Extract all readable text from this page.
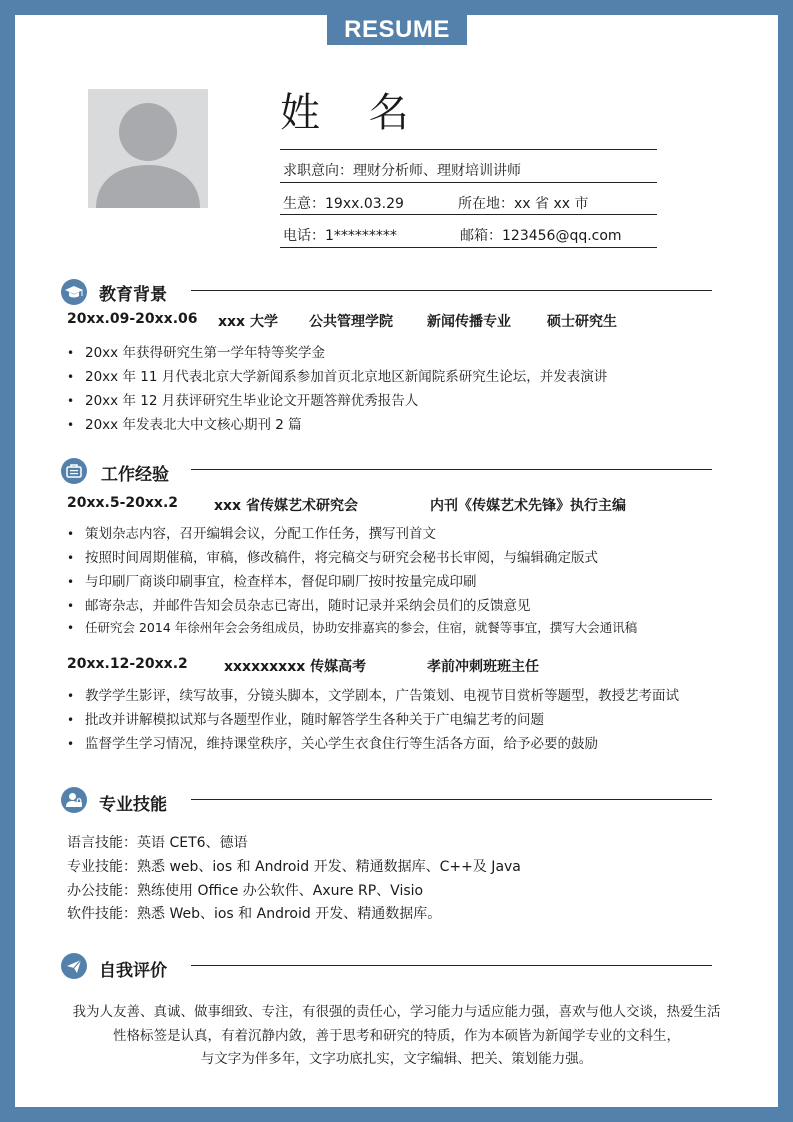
RESUME
姓 名
求职意向：理财分析师、理财培训讲师
生意：19xx.03.29	所在地：xx 省 xx 市
电话：1*********	邮箱：123456@qq.com
教育背景
20xx.09-20xx.06 xxx 大学 公共管理学院 新闻传播专业	硕士研究生
• 20xx 年获得研究生第一学年特等奖学金
• 20xx 年 11 月代表北京大学新闻系参加首页北京地区新闻院系研究生论坛，并发表演讲
• 20xx 年 12 月获评研究生毕业论文开题答辩优秀报告人
• 20xx 年发表北大中文核心期刊 2 篇
工作经验
20xx.5-20xx.2	xxx 省传媒艺术研究会	内刊《传媒艺术先锋》执行主编
• 策划杂志内容，召开编辑会议，分配工作任务，撰写刊首文
• 按照时间周期催稿，审稿，修改稿件，将完稿交与研究会秘书长审阅，与编辑确定版式
• 与印刷厂商谈印刷事宜，检查样本，督促印刷厂按时按量完成印刷
• 邮寄杂志，并邮件告知会员杂志已寄出，随时记录并采纳会员们的反馈意见
• 任研究会 2014 年徐州年会会务组成员，协助安排嘉宾的参会，住宿，就餐等事宜，撰写大会通讯稿
20xx.12-20xx.2	xxxxxxxxx 传媒高考	孝前冲刺班班主任
• 教学学生影评，续写故事，分镜头脚本，文学剧本，广告策划、电视节目赏析等题型，教授艺考面试
• 批改并讲解模拟试郑与各题型作业，随时解答学生各种关于广电编艺考的问题
• 监督学生学习情况，维持课堂秩序，关心学生衣食住行等生活各方面，给予必要的鼓励
专业技能
语言技能：英语 CET6、德语
专业技能：熟悉 web、ios 和 Android 开发、精通数据库、C++及 Java
办公技能：熟练使用 Office 办公软件、Axure RP、Visio
软件技能：熟悉 Web、ios 和 Android 开发、精通数据库。
自我评价
我为人友善、真诚、做事细致、专注，有很强的责任心，学习能力与适应能力强，喜欢与他人交谈，热爱生活
性格标签是认真，有着沉静内敛，善于思考和研究的特质，作为本硕皆为新闻学专业的文科生，
与文字为伴多年，文字功底扎实，文字编辑、把关、策划能力强。
